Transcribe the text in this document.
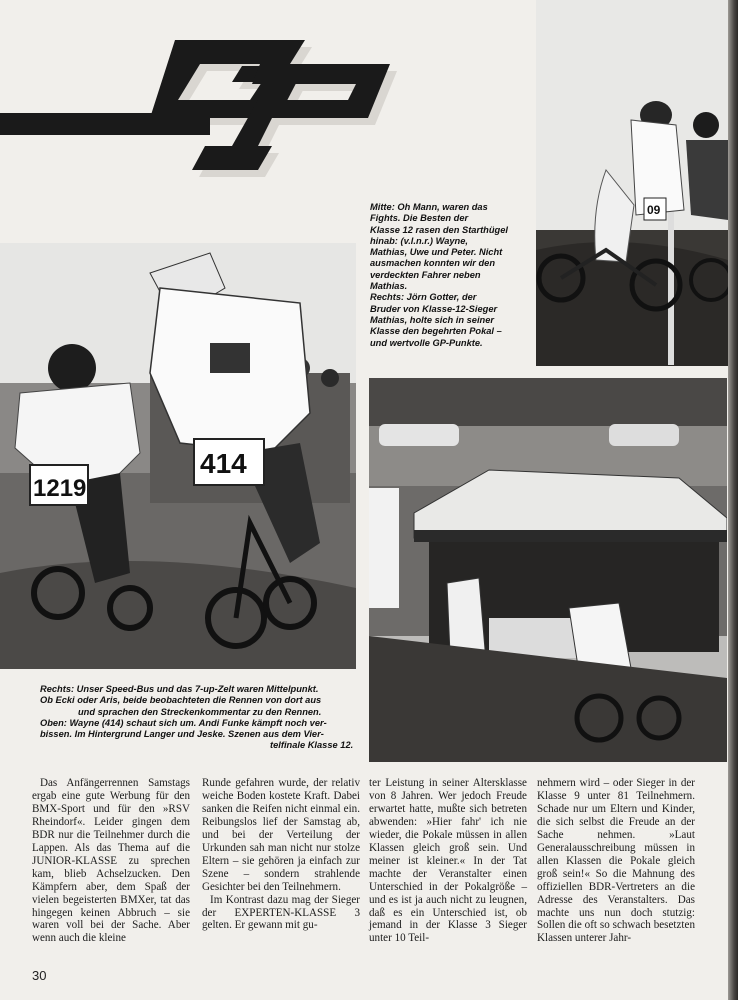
09

Mitte: Oh Mann, waren das

Fights. Die Besten der

Klasse 12 rasen den Starthügel

hinab: (v.l.n.r.) Wayne,

Mathias, Uwe und Peter. Nicht

ausmachen konnten wir den

verdeckten Fahrer neben

Mathias.

Rechts: Jörn Gotter, der

Bruder von Klasse-12-Sieger

Mathias, holte sich in seiner

Klasse den begehrten Pokal –

und wertvolle GP-Punkte.

1219
414

Rechts: Unser Speed-Bus und das 7-up-Zelt waren Mittelpunkt.

Ob Ecki oder Aris, beide beobachteten die Rennen von dort aus

und sprachen den Streckenkommentar zu den Rennen.

Oben: Wayne (414) schaut sich um. Andi Funke kämpft noch ver-

bissen. Im Hintergrund Langer und Jeske. Szenen aus dem Vier-

telfinale Klasse 12.

Das Anfängerrennen Samstags ergab eine gute Werbung für den BMX-Sport und für den »RSV Rheindorf«. Leider gingen dem BDR nur die Teilnehmer durch die Lappen. Als das Thema auf die JUNIOR-KLASSE zu sprechen kam, blieb Achselzucken. Den Kämpfern aber, dem Spaß der vielen begeisterten BMXer, tat das hingegen keinen Abbruch – sie waren voll bei der Sache. Aber wenn auch die kleine

Runde gefahren wurde, der relativ weiche Boden kostete Kraft. Dabei sanken die Reifen nicht einmal ein. Reibungslos lief der Samstag ab, und bei der Verteilung der Urkunden sah man nicht nur stolze Eltern – sie gehören ja einfach zur Szene – sondern strahlende Gesichter bei den Teilnehmern.

Im Kontrast dazu mag der Sieger der EXPERTEN-KLASSE 3 gelten. Er gewann mit gu-

ter Leistung in seiner Altersklasse von 8 Jahren. Wer jedoch Freude erwartet hatte, mußte sich betreten abwenden: »Hier fahr' ich nie wieder, die Pokale müssen in allen Klassen gleich groß sein. Und meiner ist kleiner.« In der Tat machte der Veranstalter einen Unterschied in der Pokalgröße – und es ist ja auch nicht zu leugnen, daß es ein Unterschied ist, ob jemand in der Klasse 3 Sieger unter 10 Teil-

nehmern wird – oder Sieger in der Klasse 9 unter 81 Teilnehmern. Schade nur um Eltern und Kinder, die sich selbst die Freude an der Sache nehmen. »Laut Generalausschreibung müssen in allen Klassen die Pokale gleich groß sein!« So die Mahnung des offiziellen BDR-Vertreters an die Adresse des Veranstalters. Das machte uns nun doch stutzig: Sollen die oft so schwach besetzten Klassen unterer Jahr-

30
